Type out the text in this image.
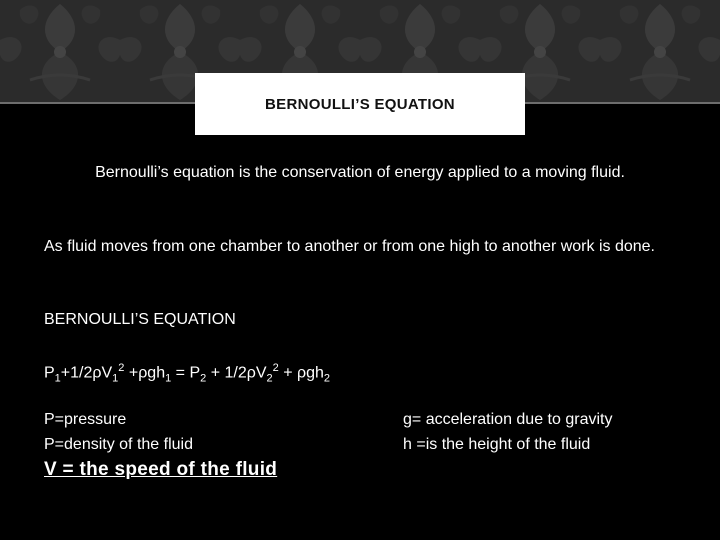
BERNOULLI’S EQUATION
Bernoulli’s equation is the conservation of energy applied to a moving fluid.
As fluid moves from one chamber to another or from one high to another work is done.
BERNOULLI’S EQUATION
$P_1+1/2\rho V_1^2 +\rho gh_1 = P_2 + 1/2\rho V_2^2 + \rho gh_2$
P=pressure
Ρ=density of the fluid
g= acceleration due to gravity
h =is the height of the fluid
V = the speed of the fluid
